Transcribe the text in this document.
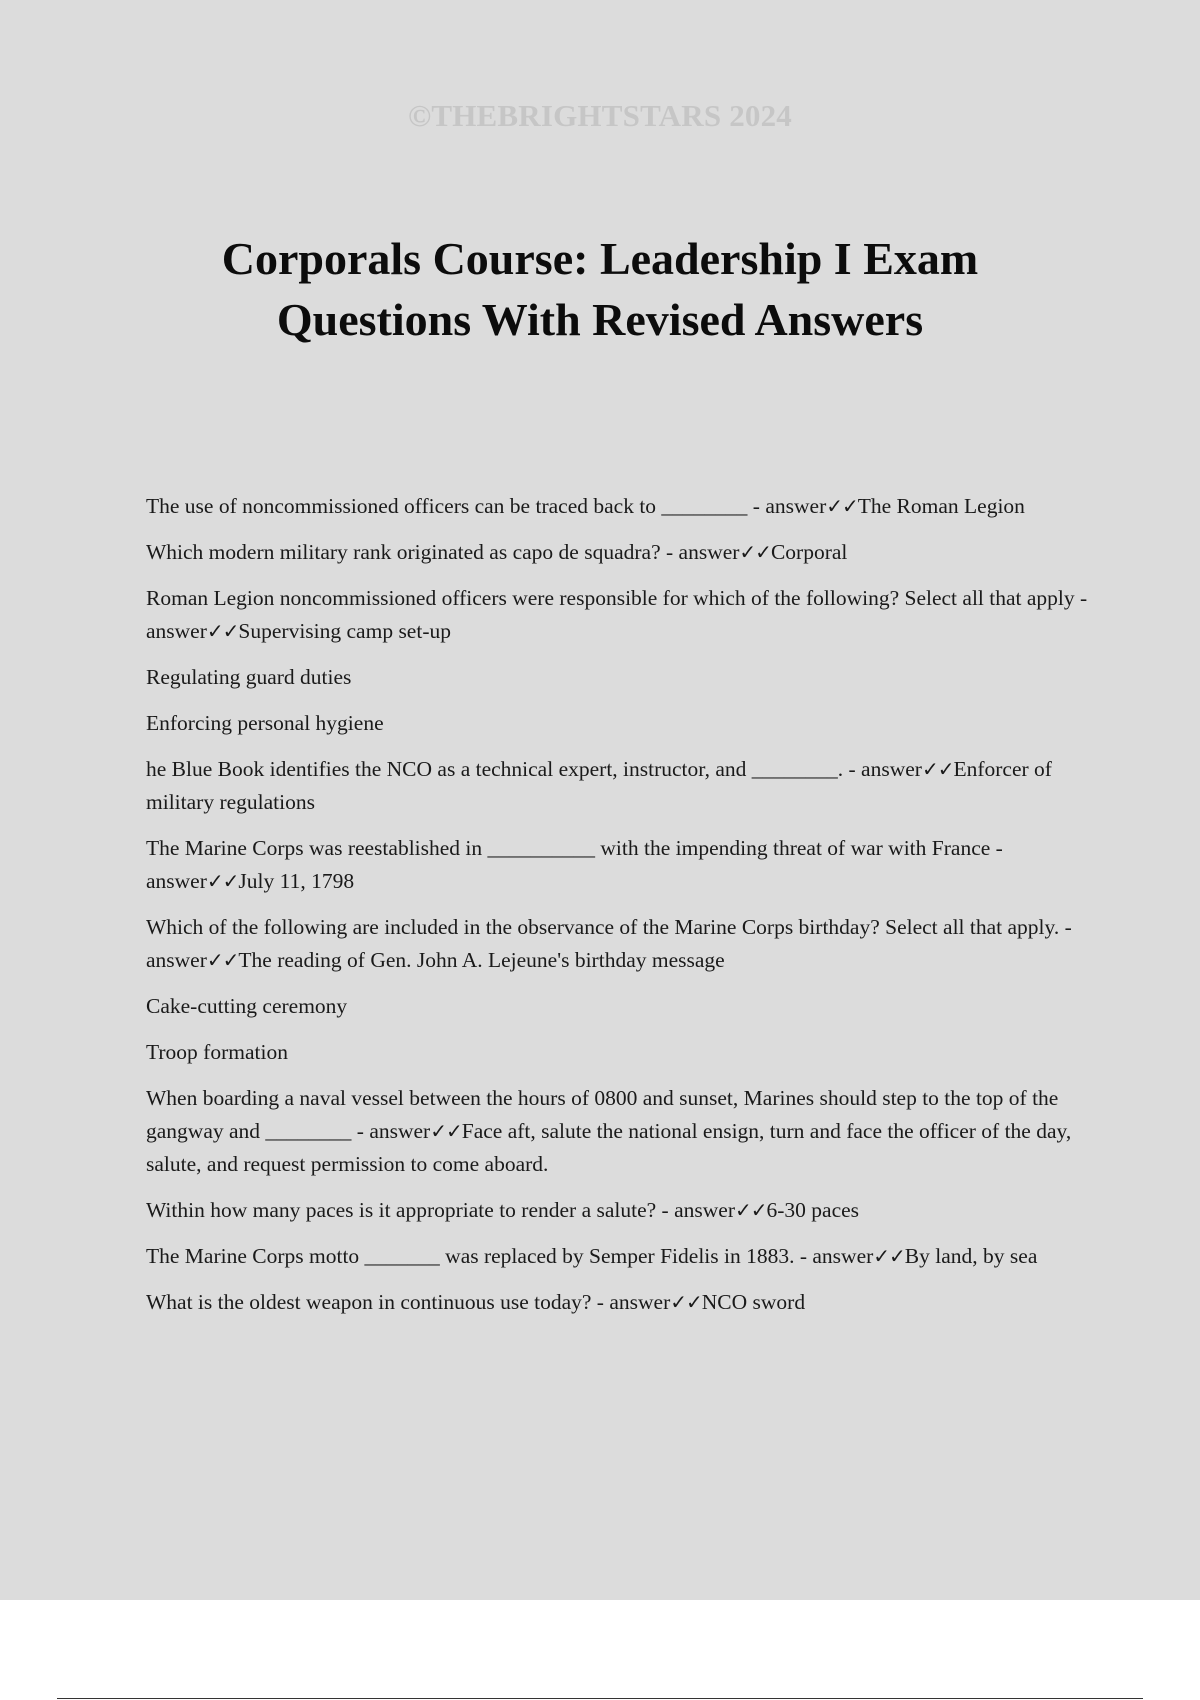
©THEBRIGHTSTARS 2024
Corporals Course: Leadership I Exam
Questions With Revised Answers

The use of noncommissioned officers can be traced back to ________ - answer✓✓The Roman Legion

Which modern military rank originated as capo de squadra? - answer✓✓Corporal

Roman Legion noncommissioned officers were responsible for which of the following? Select all that apply - answer✓✓Supervising camp set-up

Regulating guard duties

Enforcing personal hygiene

he Blue Book identifies the NCO as a technical expert, instructor, and ________. - answer✓✓Enforcer of military regulations

The Marine Corps was reestablished in __________ with the impending threat of war with France - answer✓✓July 11, 1798

Which of the following are included in the observance of the Marine Corps birthday? Select all that apply. - answer✓✓The reading of Gen. John A. Lejeune's birthday message

Cake-cutting ceremony

Troop formation

When boarding a naval vessel between the hours of 0800 and sunset, Marines should step to the top of the gangway and ________ - answer✓✓Face aft, salute the national ensign, turn and face the officer of the day, salute, and request permission to come aboard.

Within how many paces is it appropriate to render a salute? - answer✓✓6-30 paces

The Marine Corps motto _______ was replaced by Semper Fidelis in 1883. - answer✓✓By land, by sea

What is the oldest weapon in continuous use today? - answer✓✓NCO sword
